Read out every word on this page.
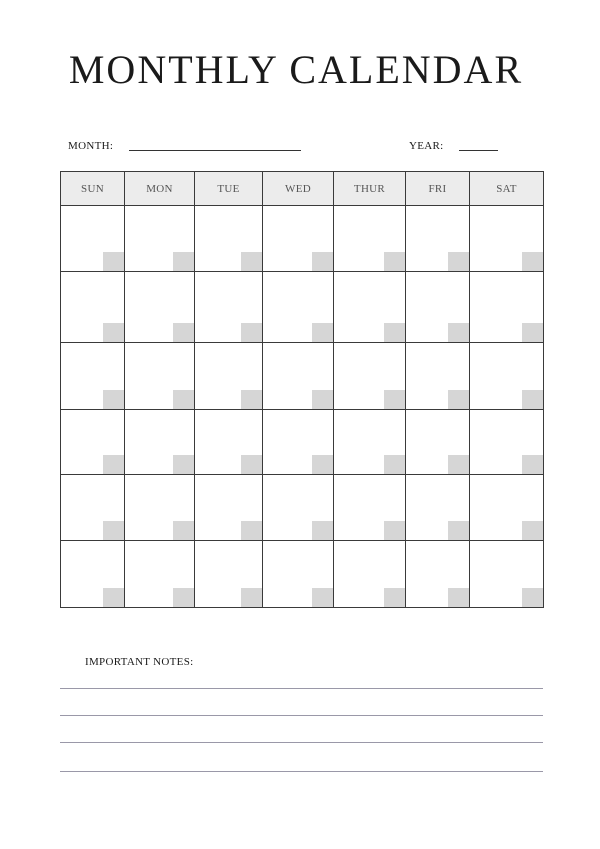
MONTHLY CALENDAR
MONTH:	YEAR:
SUN	MON	TUE	WED	THUR	FRI	SAT

IMPORTANT NOTES:
